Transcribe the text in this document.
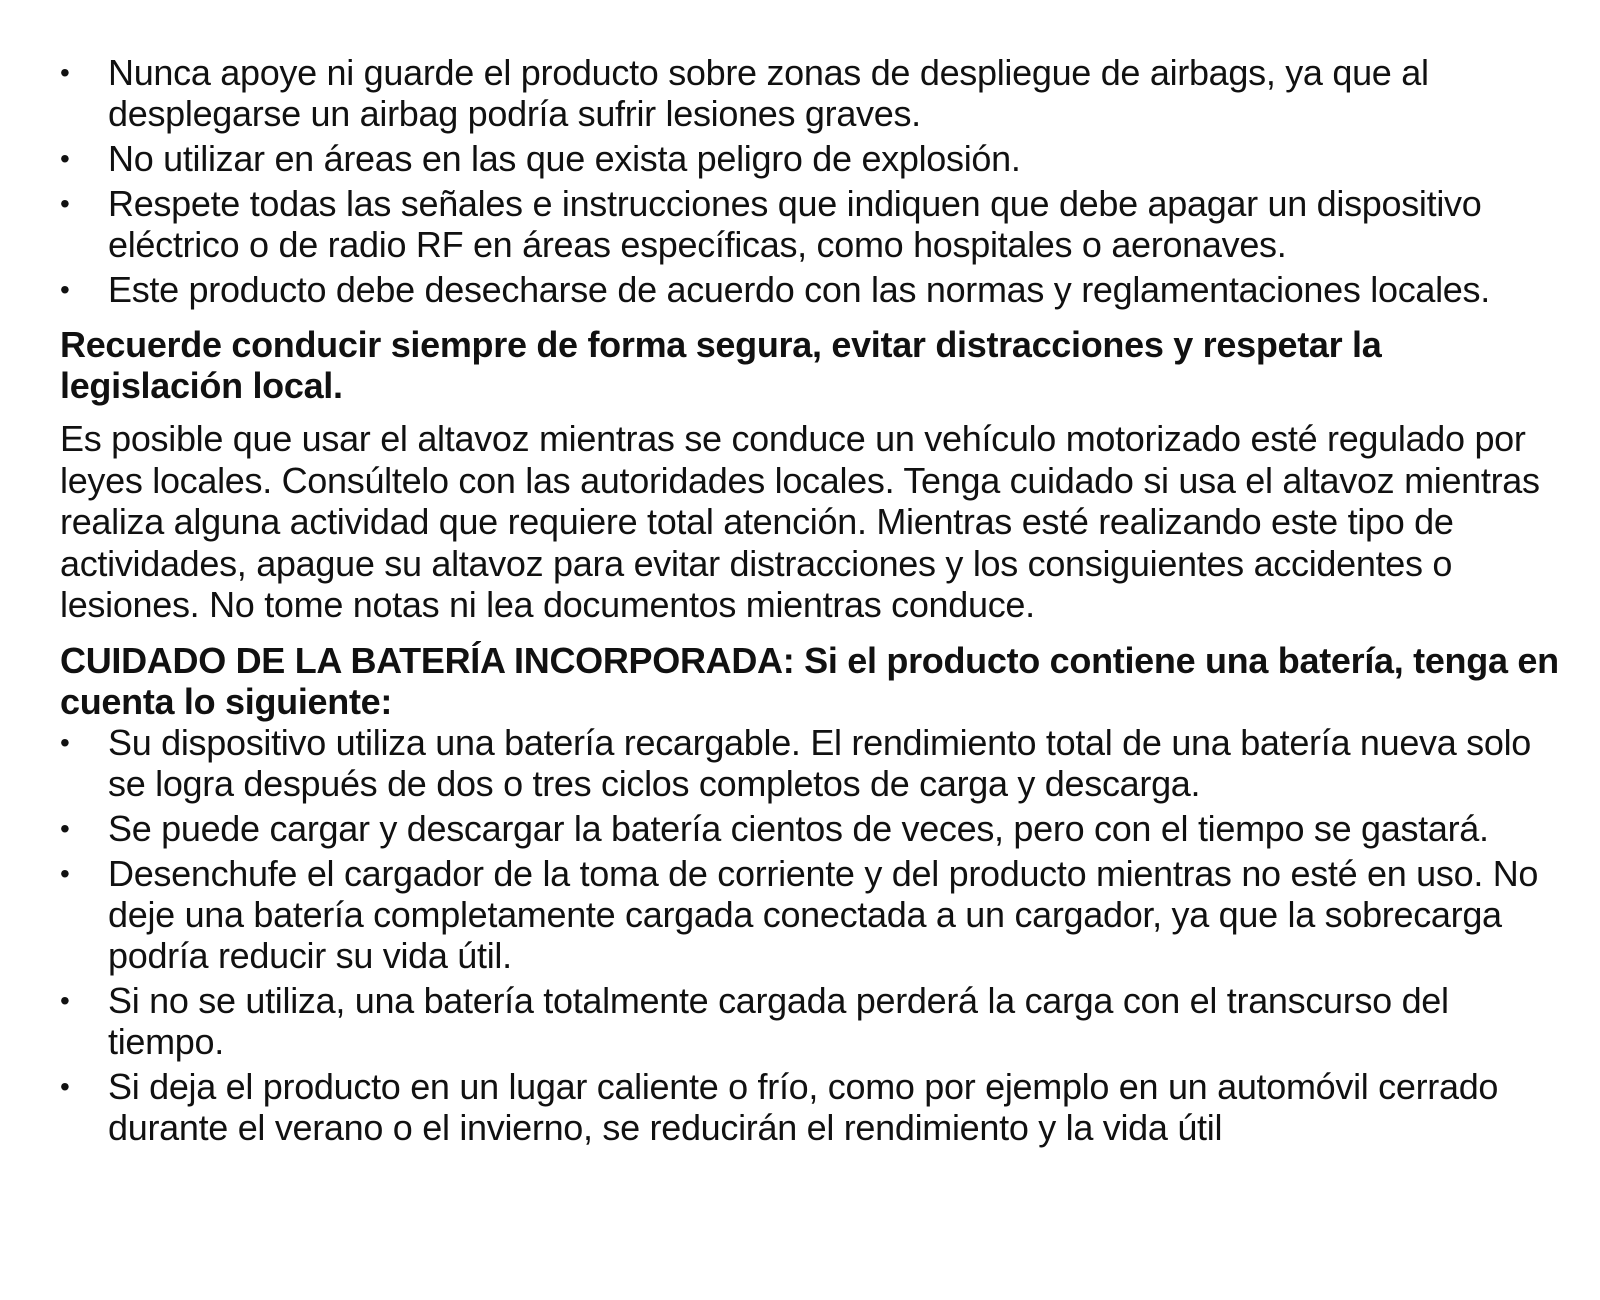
• Nunca apoye ni guarde el producto sobre zonas de despliegue de airbags, ya que al desplegarse un airbag podría sufrir lesiones graves.
• No utilizar en áreas en las que exista peligro de explosión.
• Respete todas las señales e instrucciones que indiquen que debe apagar un dispositivo eléctrico o de radio RF en áreas específicas, como hospitales o aeronaves.
• Este producto debe desecharse de acuerdo con las normas y reglamentaciones locales.

Recuerde conducir siempre de forma segura, evitar distracciones y respetar la legislación local.

Es posible que usar el altavoz mientras se conduce un vehículo motorizado esté regulado por leyes locales. Consúltelo con las autoridades locales. Tenga cuidado si usa el altavoz mientras realiza alguna actividad que requiere total atención. Mientras esté realizando este tipo de actividades, apague su altavoz para evitar distracciones y los consiguientes accidentes o lesiones. No tome notas ni lea documentos mientras conduce.

CUIDADO DE LA BATERÍA INCORPORADA: Si el producto contiene una batería, tenga en cuenta lo siguiente:

• Su dispositivo utiliza una batería recargable. El rendimiento total de una batería nueva solo se logra después de dos o tres ciclos completos de carga y descarga.
• Se puede cargar y descargar la batería cientos de veces, pero con el tiempo se gastará.
• Desenchufe el cargador de la toma de corriente y del producto mientras no esté en uso. No deje una batería completamente cargada conectada a un cargador, ya que la sobrecarga podría reducir su vida útil.
• Si no se utiliza, una batería totalmente cargada perderá la carga con el transcurso del tiempo.
• Si deja el producto en un lugar caliente o frío, como por ejemplo en un automóvil cerrado durante el verano o el invierno, se reducirán el rendimiento y la vida útil
